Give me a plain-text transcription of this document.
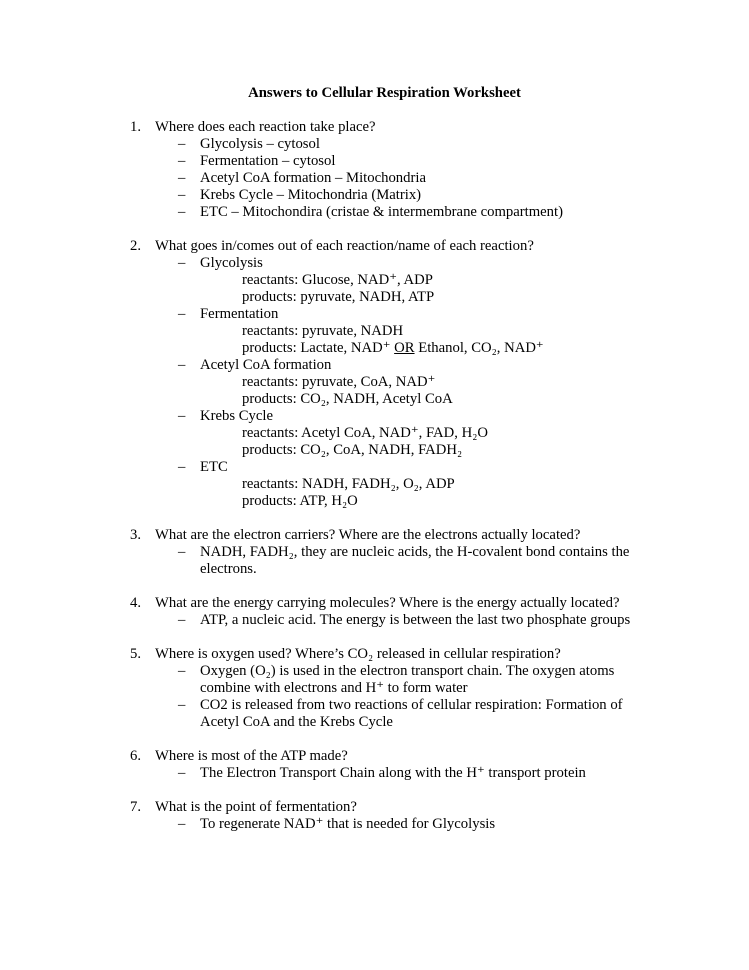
Answers to Cellular Respiration Worksheet
1. Where does each reaction take place?
– Glycolysis – cytosol
– Fermentation – cytosol
– Acetyl CoA formation – Mitochondria
– Krebs Cycle – Mitochondria (Matrix)
– ETC – Mitochondira (cristae & intermembrane compartment)
2. What goes in/comes out of each reaction/name of each reaction?
– Glycolysis
reactants: Glucose, NAD⁺, ADP
products: pyruvate, NADH, ATP
– Fermentation
reactants: pyruvate, NADH
products: Lactate, NAD⁺ OR Ethanol, CO₂, NAD⁺
– Acetyl CoA formation
reactants: pyruvate, CoA, NAD⁺
products: CO₂, NADH, Acetyl CoA
– Krebs Cycle
reactants: Acetyl CoA, NAD⁺, FAD, H₂O
products: CO₂, CoA, NADH, FADH₂
– ETC
reactants: NADH, FADH₂, O₂, ADP
products: ATP, H₂O
3. What are the electron carriers? Where are the electrons actually located?
– NADH, FADH₂, they are nucleic acids, the H-covalent bond contains the
electrons.
4. What are the energy carrying molecules? Where is the energy actually located?
– ATP, a nucleic acid. The energy is between the last two phosphate groups
5. Where is oxygen used? Where’s CO₂ released in cellular respiration?
– Oxygen (O₂) is used in the electron transport chain. The oxygen atoms
combine with electrons and H⁺ to form water
– CO2 is released from two reactions of cellular respiration: Formation of
Acetyl CoA and the Krebs Cycle
6. Where is most of the ATP made?
– The Electron Transport Chain along with the H⁺ transport protein
7. What is the point of fermentation?
– To regenerate NAD⁺ that is needed for Glycolysis
